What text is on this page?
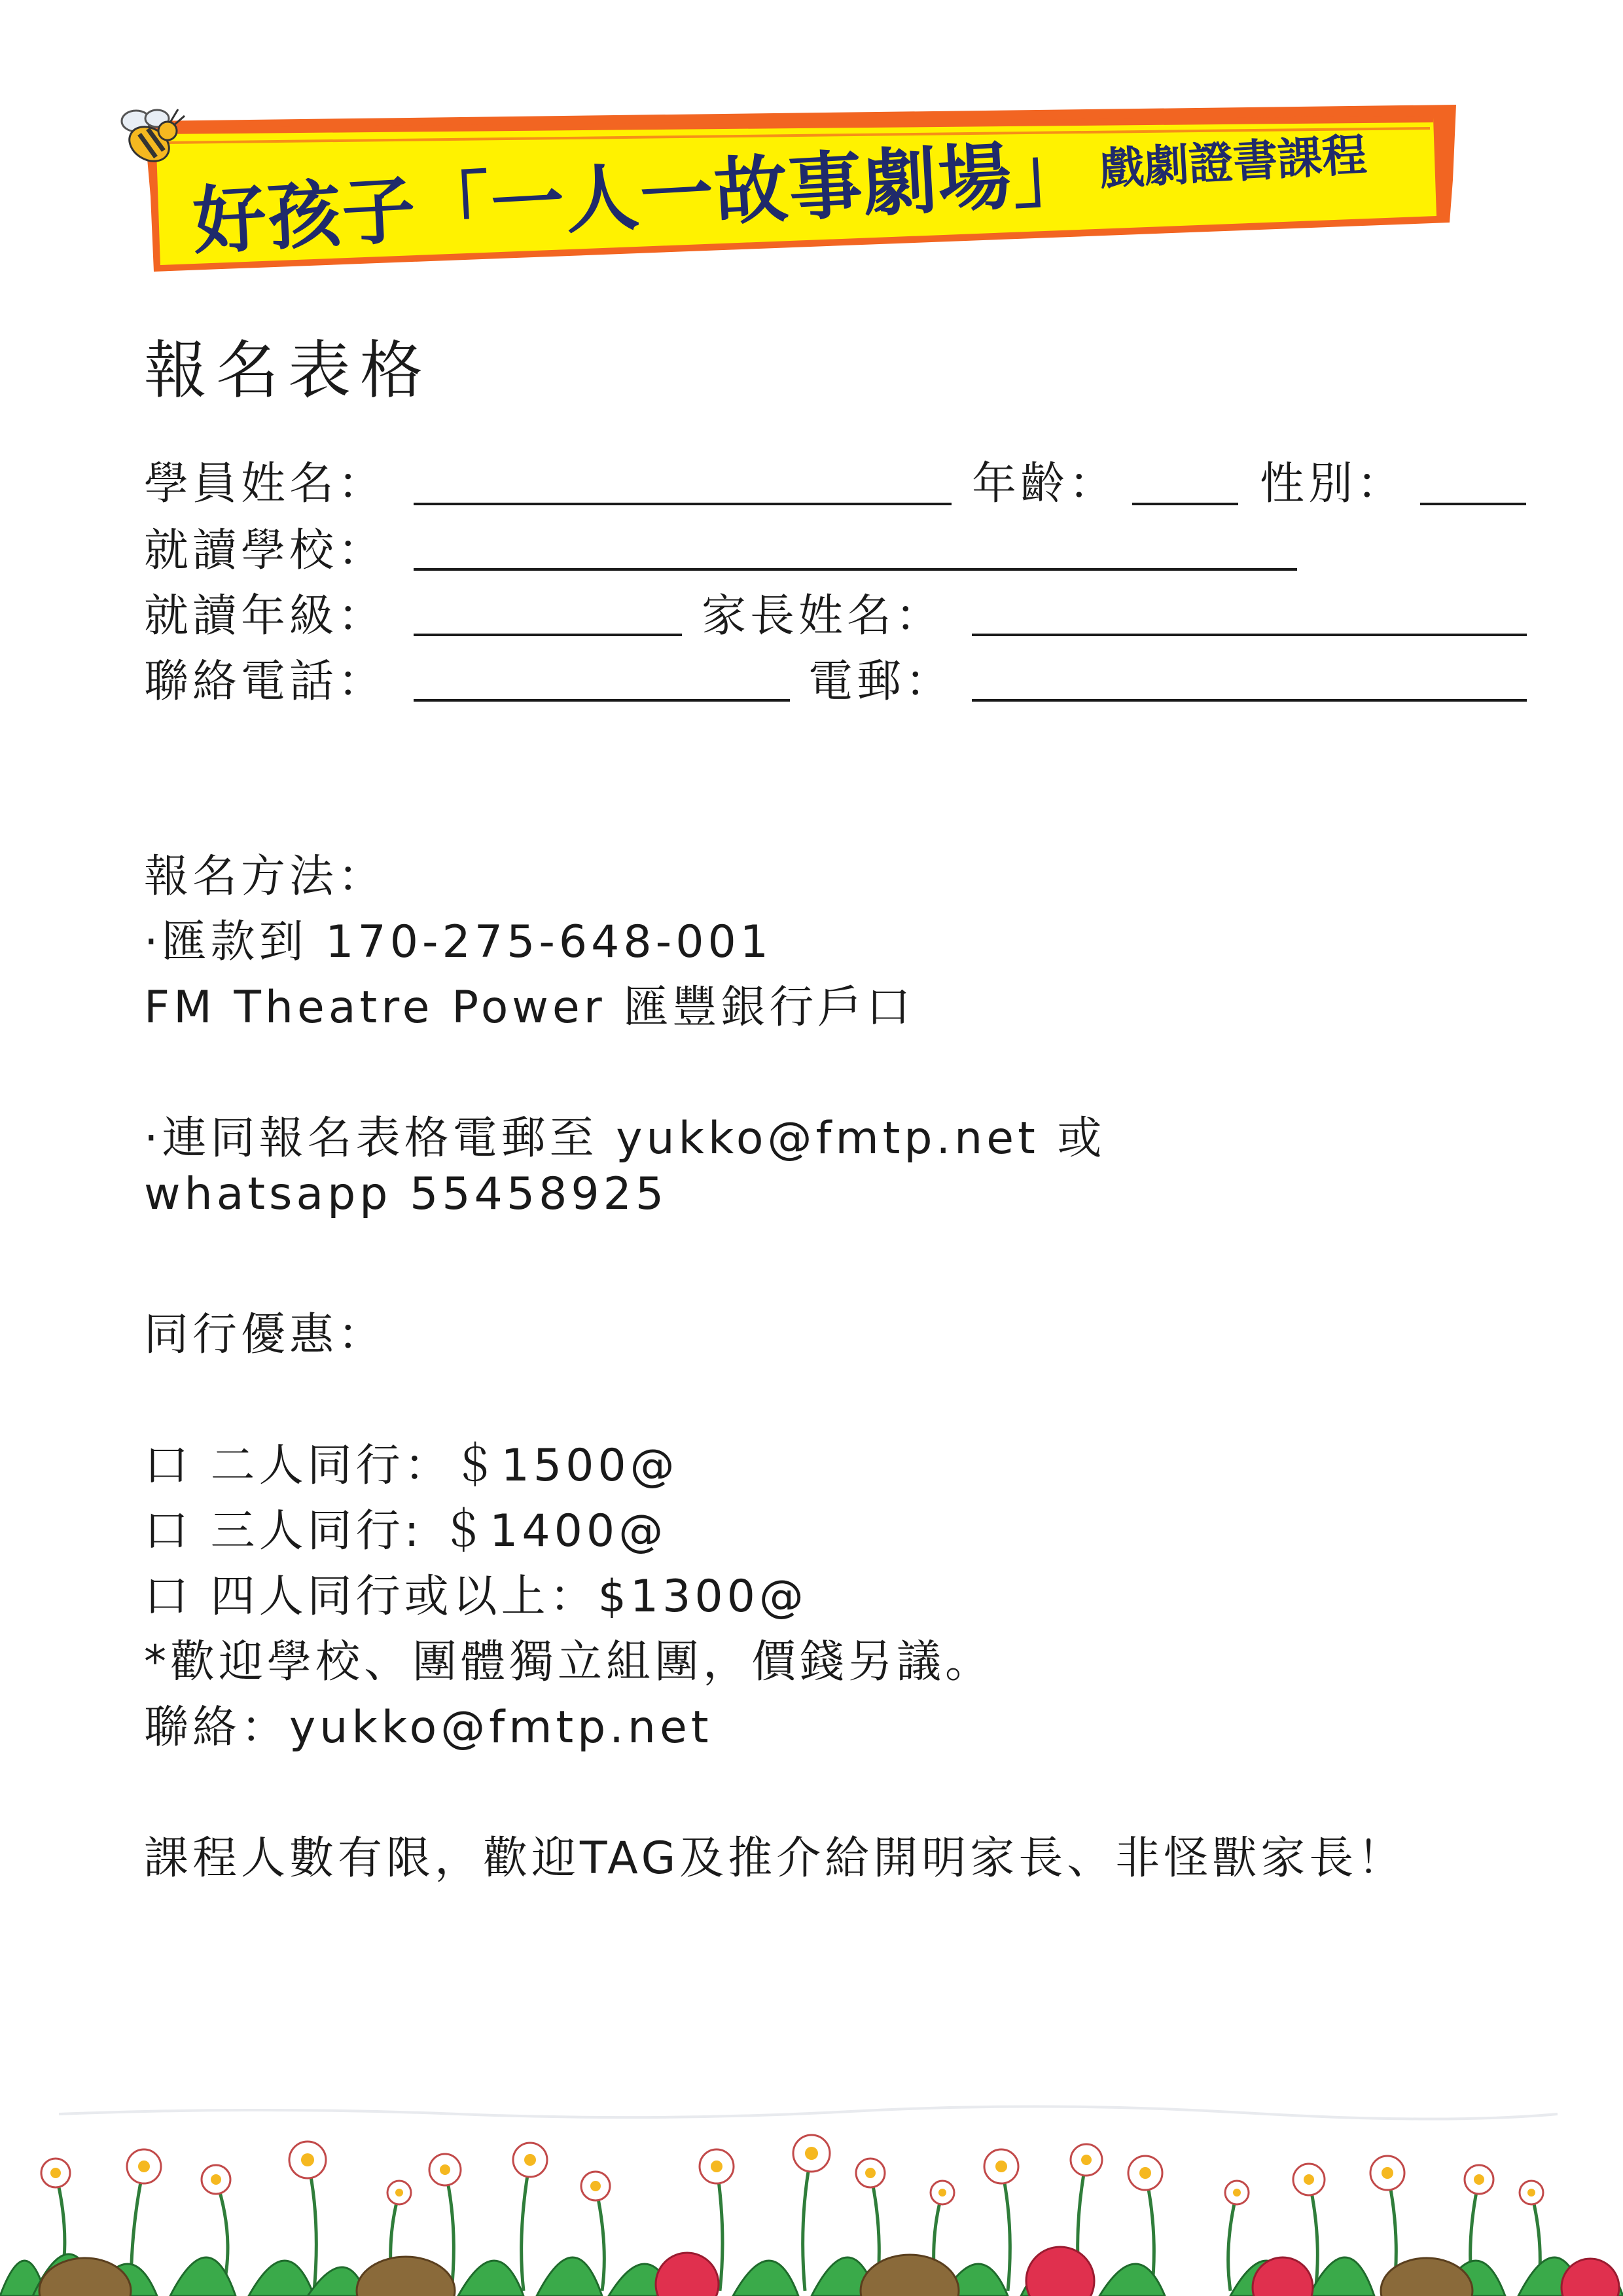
好孩子「一人一故事劇場」 戲劇證書課程
報名表格
學員姓名：	年齡：	性別：
就讀學校：
就讀年級：	家長姓名：
聯絡電話：	電郵：
報名方法：
·匯款到 170-275-648-001
FM Theatre Power 匯豐銀行戶口
·連同報名表格電郵至 yukko@fmtp.net 或
whatsapp 55458925
同行優惠：
口 二人同行：＄1500@
口 三人同行: ＄1400@
口 四人同行或以上：$1300@
*歡迎學校、團體獨立組團，價錢另議。
聯絡：yukko@fmtp.net
課程人數有限，歡迎TAG及推介給開明家長、非怪獸家長！
